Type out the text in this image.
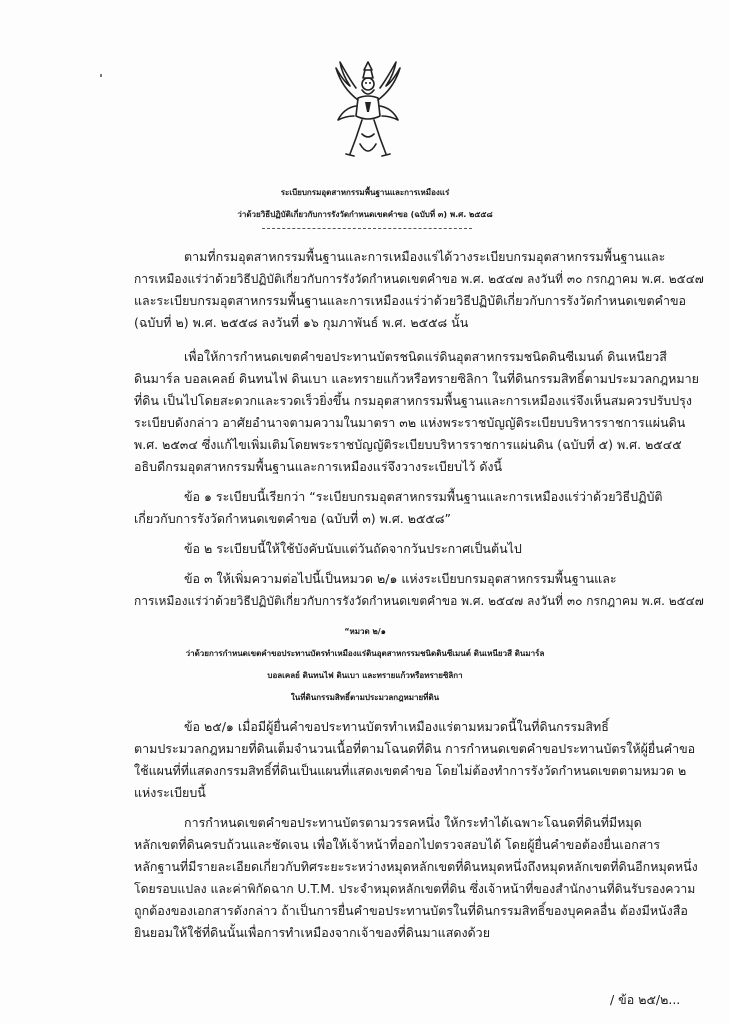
ระเบียบกรมอุตสาหกรรมพื้นฐานและการเหมืองแร่
ว่าด้วยวิธีปฏิบัติเกี่ยวกับการรังวัดกำหนดเขตคำขอ (ฉบับที่ ๓) พ.ศ. ๒๕๕๘
ตามที่กรมอุตสาหกรรมพื้นฐานและการเหมืองแร่ได้วางระเบียบกรมอุตสาหกรรมพื้นฐานและ
การเหมืองแร่ว่าด้วยวิธีปฏิบัติเกี่ยวกับการรังวัดกำหนดเขตคำขอ พ.ศ. ๒๕๔๗ ลงวันที่ ๓๐ กรกฎาคม พ.ศ. ๒๕๔๗
และระเบียบกรมอุตสาหกรรมพื้นฐานและการเหมืองแร่ว่าด้วยวิธีปฏิบัติเกี่ยวกับการรังวัดกำหนดเขตคำขอ
(ฉบับที่ ๒) พ.ศ. ๒๕๕๘ ลงวันที่ ๑๖ กุมภาพันธ์ พ.ศ. ๒๕๕๘ นั้น
เพื่อให้การกำหนดเขตคำขอประทานบัตรชนิดแร่ดินอุตสาหกรรมชนิดดินซีเมนต์ ดินเหนียวสี
ดินมาร์ล บอลเคลย์ ดินทนไฟ ดินเบา และทรายแก้วหรือทรายซิลิกา ในที่ดินกรรมสิทธิ์ตามประมวลกฎหมาย
ที่ดิน เป็นไปโดยสะดวกและรวดเร็วยิ่งขึ้น กรมอุตสาหกรรมพื้นฐานและการเหมืองแร่จึงเห็นสมควรปรับปรุง
ระเบียบดังกล่าว อาศัยอำนาจตามความในมาตรา ๓๒ แห่งพระราชบัญญัติระเบียบบริหารราชการแผ่นดิน
พ.ศ. ๒๕๓๔ ซึ่งแก้ไขเพิ่มเติมโดยพระราชบัญญัติระเบียบบริหารราชการแผ่นดิน (ฉบับที่ ๕) พ.ศ. ๒๕๔๕
อธิบดีกรมอุตสาหกรรมพื้นฐานและการเหมืองแร่จึงวางระเบียบไว้ ดังนี้
ข้อ ๑ ระเบียบนี้เรียกว่า “ระเบียบกรมอุตสาหกรรมพื้นฐานและการเหมืองแร่ว่าด้วยวิธีปฏิบัติ
เกี่ยวกับการรังวัดกำหนดเขตคำขอ (ฉบับที่ ๓) พ.ศ. ๒๕๕๘”
ข้อ ๒ ระเบียบนี้ให้ใช้บังคับนับแต่วันถัดจากวันประกาศเป็นต้นไป
ข้อ ๓ ให้เพิ่มความต่อไปนี้เป็นหมวด ๒/๑ แห่งระเบียบกรมอุตสาหกรรมพื้นฐานและ
การเหมืองแร่ว่าด้วยวิธีปฏิบัติเกี่ยวกับการรังวัดกำหนดเขตคำขอ พ.ศ. ๒๕๔๗ ลงวันที่ ๓๐ กรกฎาคม พ.ศ. ๒๕๔๗
“หมวด ๒/๑
ว่าด้วยการกำหนดเขตคำขอประทานบัตรทำเหมืองแร่ดินอุตสาหกรรมชนิดดินซีเมนต์ ดินเหนียวสี ดินมาร์ล
บอลเคลย์ ดินทนไฟ ดินเบา และทรายแก้วหรือทรายซิลิกา
ในที่ดินกรรมสิทธิ์ตามประมวลกฎหมายที่ดิน
ข้อ ๒๕/๑ เมื่อมีผู้ยื่นคำขอประทานบัตรทำเหมืองแร่ตามหมวดนี้ในที่ดินกรรมสิทธิ์
ตามประมวลกฎหมายที่ดินเต็มจำนวนเนื้อที่ตามโฉนดที่ดิน การกำหนดเขตคำขอประทานบัตรให้ผู้ยื่นคำขอ
ใช้แผนที่ที่แสดงกรรมสิทธิ์ที่ดินเป็นแผนที่แสดงเขตคำขอ โดยไม่ต้องทำการรังวัดกำหนดเขตตามหมวด ๒
แห่งระเบียบนี้
การกำหนดเขตคำขอประทานบัตรตามวรรคหนึ่ง ให้กระทำได้เฉพาะโฉนดที่ดินที่มีหมุด
หลักเขตที่ดินครบถ้วนและชัดเจน เพื่อให้เจ้าหน้าที่ออกไปตรวจสอบได้ โดยผู้ยื่นคำขอต้องยื่นเอกสาร
หลักฐานที่มีรายละเอียดเกี่ยวกับทิศระยะระหว่างหมุดหลักเขตที่ดินหมุดหนึ่งถึงหมุดหลักเขตที่ดินอีกหมุดหนึ่ง
โดยรอบแปลง และค่าพิกัดฉาก U.T.M. ประจำหมุดหลักเขตที่ดิน ซึ่งเจ้าหน้าที่ของสำนักงานที่ดินรับรองความ
ถูกต้องของเอกสารดังกล่าว ถ้าเป็นการยื่นคำขอประทานบัตรในที่ดินกรรมสิทธิ์ของบุคคลอื่น ต้องมีหนังสือ
ยินยอมให้ใช้ที่ดินนั้นเพื่อการทำเหมืองจากเจ้าของที่ดินมาแสดงด้วย
/ ข้อ ๒๕/๒...
